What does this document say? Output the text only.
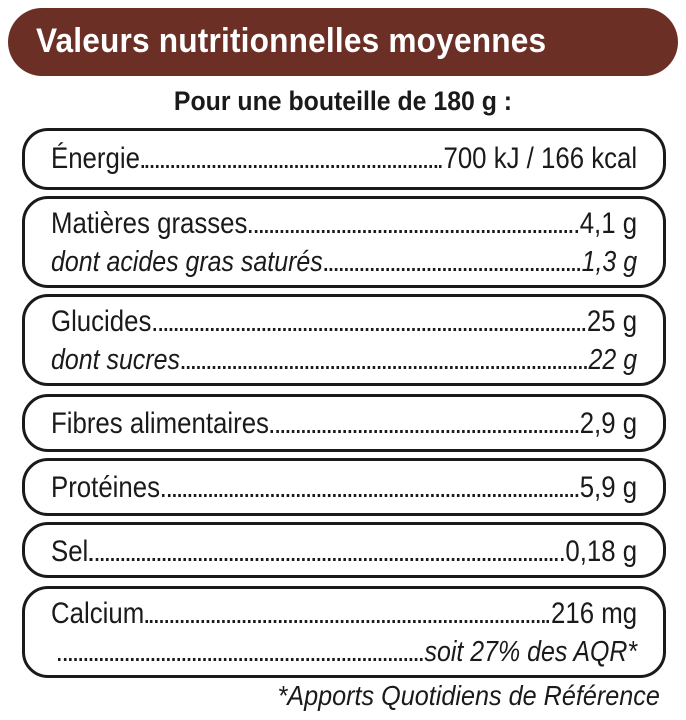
Valeurs nutritionnelles moyennes
Pour une bouteille de 180 g :
Énergie	700 kJ / 166 kcal
Matières grasses	4,1 g
dont acides gras saturés	1,3 g
Glucides	25 g
dont sucres	22 g
Fibres alimentaires	2,9 g
Protéines	5,9 g
Sel	0,18 g
Calcium	216 mg
soit 27% des AQR*
*Apports Quotidiens de Référence
